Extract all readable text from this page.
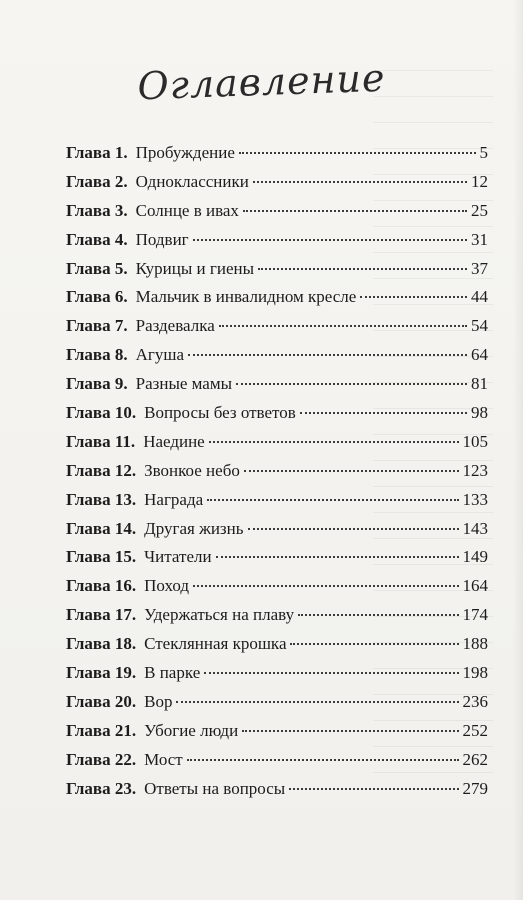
Оглавление
Глава 1. Пробуждение	5
Глава 2. Одноклассники	12
Глава 3. Солнце в ивах	25
Глава 4. Подвиг	31
Глава 5. Курицы и гиены	37
Глава 6. Мальчик в инвалидном кресле	44
Глава 7. Раздевалка	54
Глава 8. Агуша	64
Глава 9. Разные мамы	81
Глава 10. Вопросы без ответов	98
Глава 11. Наедине	105
Глава 12. Звонкое небо	123
Глава 13. Награда	133
Глава 14. Другая жизнь	143
Глава 15. Читатели	149
Глава 16. Поход	164
Глава 17. Удержаться на плаву	174
Глава 18. Стеклянная крошка	188
Глава 19. В парке	198
Глава 20. Вор	236
Глава 21. Убогие люди	252
Глава 22. Мост	262
Глава 23. Ответы на вопросы	279
